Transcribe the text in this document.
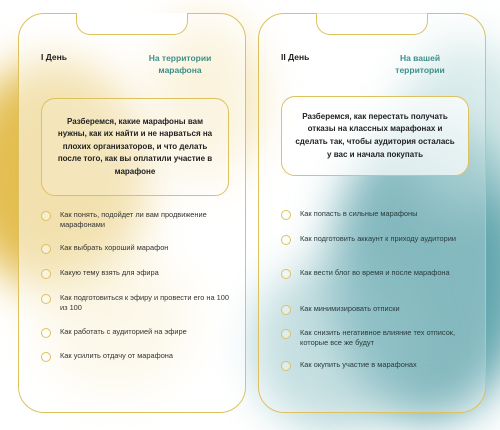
I День	На территории марафона
Разберемся, какие марафоны вам нужны, как их найти и не нарваться на плохих организаторов, и что делать после того, как вы оплатили участие в марафоне
Как понять, подойдет ли вам продвижение марафонами
Как выбрать хороший марафон
Какую тему взять для эфира
Как подготовиться к эфиру и провести его на 100 из 100
Как работать с аудиторией на эфире
Как усилить отдачу от марафона
II День	На вашей территории
Разберемся, как перестать получать отказы на классных марафонах и сделать так, чтобы аудитория осталась у вас и начала покупать
Как попасть в сильные марафоны
Как подготовить аккаунт к приходу аудитории
Как вести блог во время и после марафона
Как минимизировать отписки
Как снизить негативное влияние тех отписок, которые все же будут
Как окупить участие в марафонах
